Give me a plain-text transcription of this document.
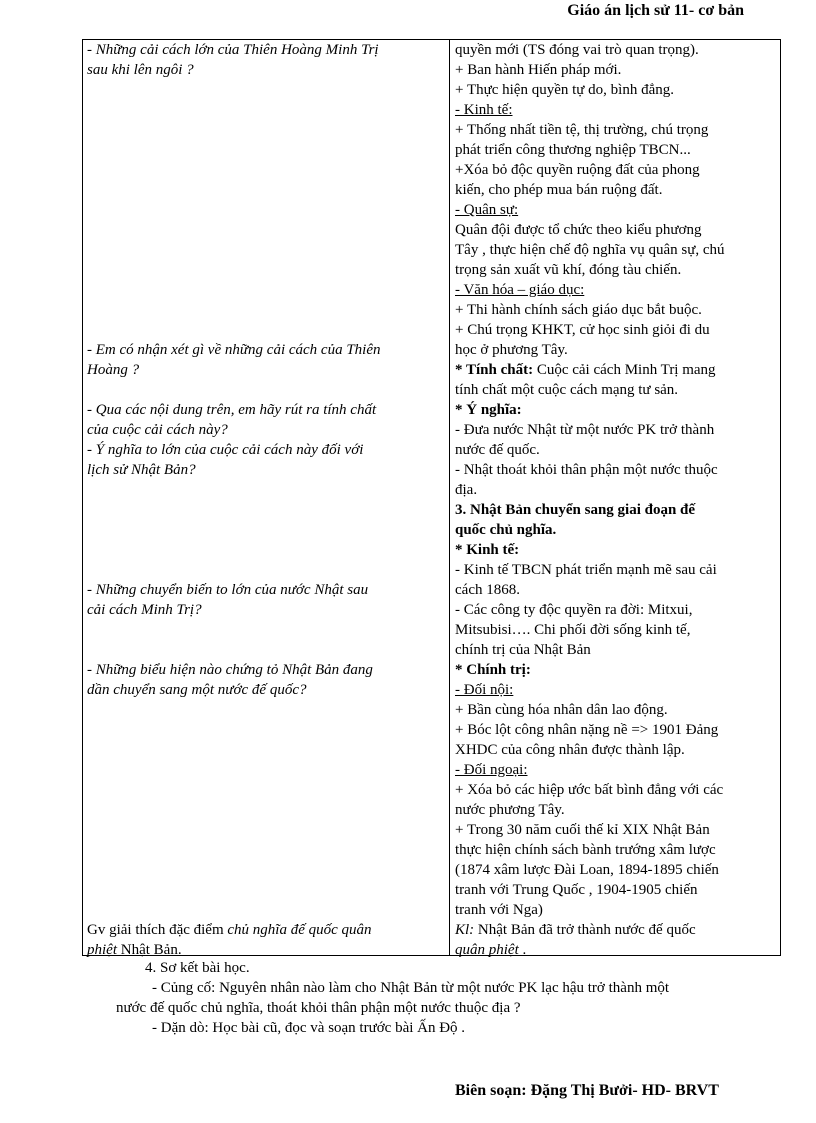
Giáo án lịch sử 11- cơ bản
- Những cải cách lớn của Thiên Hoàng Minh Trị
sau khi lên ngôi ?
- Em có nhận xét gì về những cải cách của Thiên
Hoàng ?
- Qua các nội dung trên, em hãy rút ra tính chất
của cuộc cải cách này?
- Ý nghĩa to lớn của cuộc cải cách này đối với
lịch sử Nhật Bản?
- Những chuyển biến to lớn của nước Nhật sau
cải cách Minh Trị?
- Những biểu hiện nào chứng tỏ Nhật Bản đang
dần chuyển sang một nước đế quốc?
Gv giải thích đặc điểm chủ nghĩa đế quốc quân
phiệt Nhật Bản.
quyền mới (TS đóng vai trò quan trọng).
+ Ban hành Hiến pháp mới.
+ Thực hiện quyền tự do, bình đẳng.
- Kinh tế:
+ Thống nhất tiền tệ, thị trường, chú trọng
phát triển công thương nghiệp TBCN...
+Xóa bỏ độc quyền ruộng đất của phong
kiến, cho phép mua bán ruộng đất.
- Quân sự:
Quân đội được tổ chức theo kiểu phương
Tây , thực hiện chế độ nghĩa vụ quân sự, chú
trọng sản xuất vũ khí, đóng tàu chiến.
- Văn hóa – giáo dục:
+ Thi hành chính sách giáo dục bắt buộc.
+ Chú trọng KHKT, cử học sinh giỏi đi du
học ở phương Tây.
* Tính chất: Cuộc cải cách Minh Trị mang
tính chất một cuộc cách mạng tư sản.
* Ý nghĩa:
- Đưa nước Nhật từ một nước PK trở thành
nước đế quốc.
- Nhật thoát khỏi thân phận một nước thuộc
địa.
3. Nhật Bản chuyển sang giai đoạn đế
quốc chủ nghĩa.
* Kinh tế:
- Kinh tế TBCN phát triển mạnh mẽ sau cải
cách 1868.
- Các công ty độc quyền ra đời: Mitxui,
Mitsubisi…. Chi phối đời sống kinh tế,
chính trị của Nhật Bản
* Chính trị:
- Đối nội:
+ Bần cùng hóa nhân dân lao động.
+ Bóc lột công nhân nặng nề => 1901 Đảng
XHDC của công nhân được thành lập.
- Đối ngoại:
+ Xóa bỏ các hiệp ước bất bình đẳng với các
nước phương Tây.
+ Trong 30 năm cuối thế kỉ XIX Nhật Bản
thực hiện chính sách bành trướng xâm lược
(1874 xâm lược Đài Loan, 1894-1895 chiến
tranh với Trung Quốc , 1904-1905 chiến
tranh với Nga)
Kl: Nhật Bản đã trở thành nước đế quốc
quân phiệt .
4. Sơ kết bài học.
- Củng cố: Nguyên nhân nào làm cho Nhật Bản từ một nước PK lạc hậu trở thành một
nước đế quốc chủ nghĩa, thoát khỏi thân phận một nước thuộc địa ?
- Dặn dò: Học bài cũ, đọc và soạn trước bài Ấn Độ .
Biên soạn: Đặng Thị Bưởi- HD- BRVT
